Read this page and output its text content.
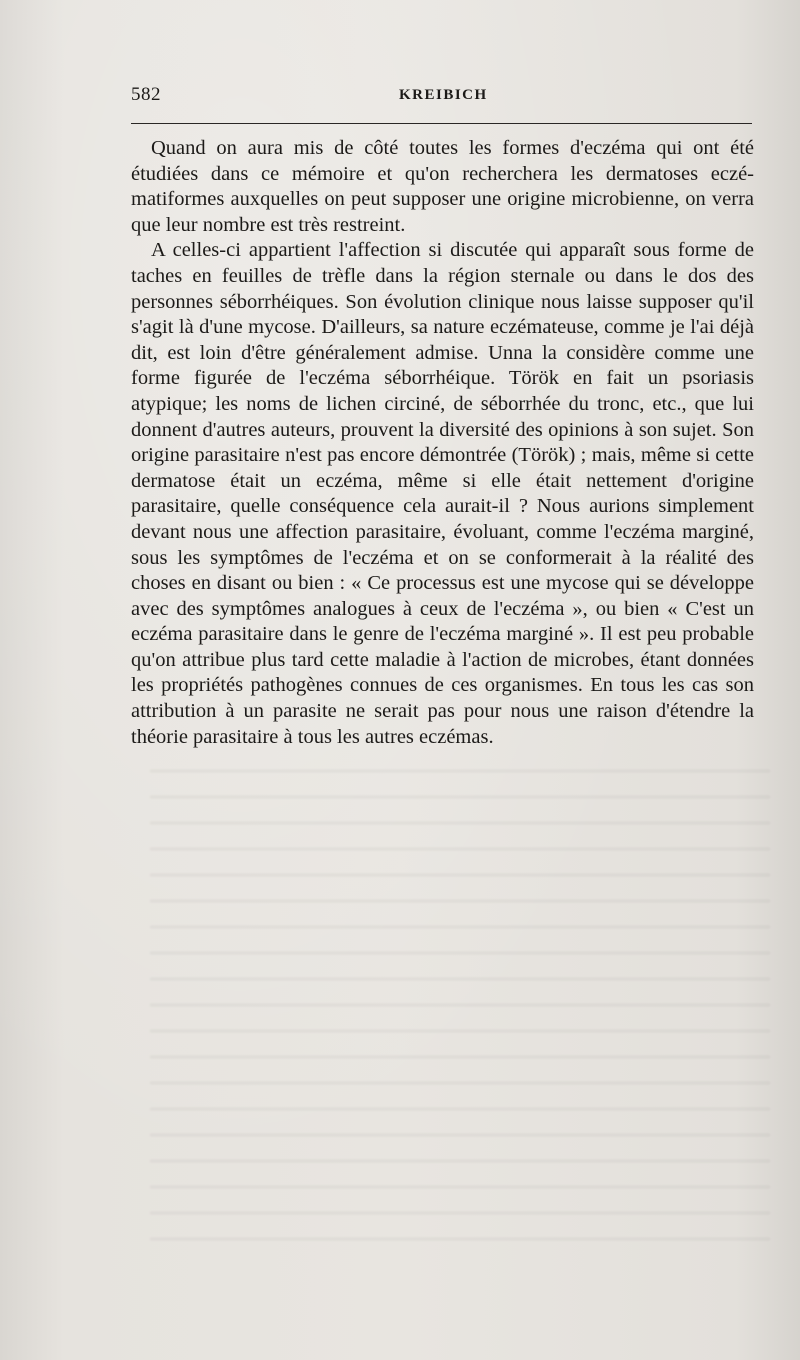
582	KREIBICH

Quand on aura mis de côté toutes les formes d'eczéma qui ont été étudiées dans ce mémoire et qu'on recherchera les dermatoses eczématiformes auxquelles on peut supposer une origine microbienne, on verra que leur nombre est très restreint.

A celles-ci appartient l'affection si discutée qui apparaît sous forme de taches en feuilles de trèfle dans la région sternale ou dans le dos des personnes séborrhéiques. Son évolution clinique nous laisse supposer qu'il s'agit là d'une mycose. D'ailleurs, sa nature eczémateuse, comme je l'ai déjà dit, est loin d'être généralement admise. Unna la considère comme une forme figurée de l'eczéma séborrhéique. Török en fait un psoriasis atypique; les noms de lichen circiné, de séborrhée du tronc, etc., que lui donnent d'autres auteurs, prouvent la diversité des opinions à son sujet. Son origine parasitaire n'est pas encore démontrée (Török) ; mais, même si cette dermatose était un eczéma, même si elle était nettement d'origine parasitaire, quelle conséquence cela aurait-il ? Nous aurions simplement devant nous une affection parasitaire, évoluant, comme l'eczéma marginé, sous les symptômes de l'eczéma et on se conformerait à la réalité des choses en disant ou bien : « Ce processus est une mycose qui se développe avec des symptômes analogues à ceux de l'eczéma », ou bien « C'est un eczéma parasitaire dans le genre de l'eczéma marginé ». Il est peu probable qu'on attribue plus tard cette maladie à l'action de microbes, étant données les propriétés pathogènes connues de ces organismes. En tous les cas son attribution à un parasite ne serait pas pour nous une raison d'étendre la théorie parasitaire à tous les autres eczémas.
